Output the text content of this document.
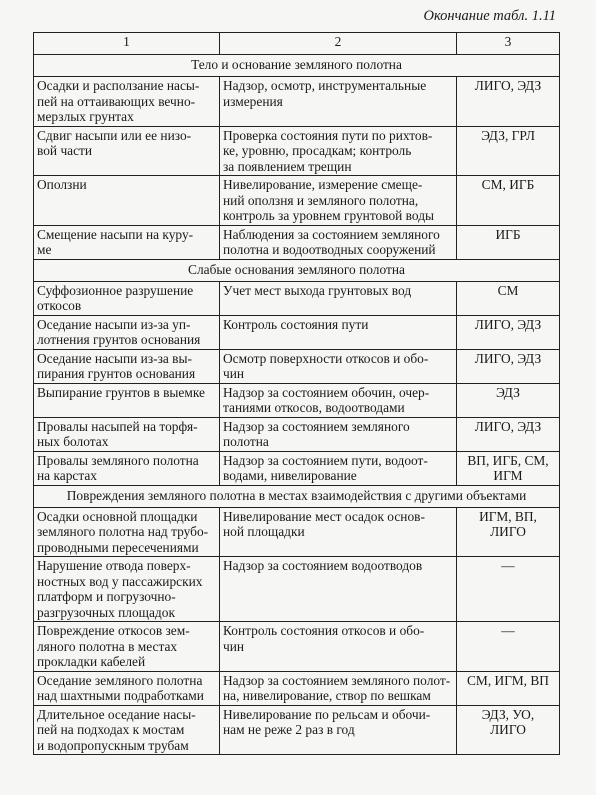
Окончание табл. 1.11
1	2	3
Тело и основание земляного полотна		
Осадки и расползание насы-
пей на оттаивающих вечно-
мерзлых грунтах	Надзор, осмотр, инструментальные
измерения	ЛИГО, ЭДЗ
Сдвиг насыпи или ее низо-
вой части	Проверка состояния пути по рихтов-
ке, уровню, просадкам; контроль
за появлением трещин	ЭДЗ, ГРЛ
Оползни	Нивелирование, измерение смеще-
ний оползня и земляного полотна,
контроль за уровнем грунтовой воды	СМ, ИГБ
Смещение насыпи на куру-
ме	Наблюдения за состоянием земляного
полотна и водоотводных сооружений	ИГБ
Слабые основания земляного полотна		
Суффозионное разрушение
откосов	Учет мест выхода грунтовых вод	СМ
Оседание насыпи из-за уп-
лотнения грунтов основания	Контроль состояния пути	ЛИГО, ЭДЗ
Оседание насыпи из-за вы-
пирания грунтов основания	Осмотр поверхности откосов и обо-
чин	ЛИГО, ЭДЗ
Выпирание грунтов в выемке	Надзор за состоянием обочин, очер-
таниями откосов, водоотводами	ЭДЗ
Провалы насыпей на торфя-
ных болотах	Надзор за состоянием земляного
полотна	ЛИГО, ЭДЗ
Провалы земляного полотна
на карстах	Надзор за состоянием пути, водоот-
водами, нивелирование	ВП, ИГБ, СМ,
ИГМ
Повреждения земляного полотна в местах взаимодействия с другими объектами		
Осадки основной площадки
земляного полотна над трубо-
проводными пересечениями	Нивелирование мест осадок основ-
ной площадки	ИГМ, ВП,
ЛИГО
Нарушение отвода поверх-
ностных вод у пассажирских
платформ и погрузочно-
разгрузочных площадок	Надзор за состоянием водоотводов	—
Повреждение откосов зем-
ляного полотна в местах
прокладки кабелей	Контроль состояния откосов и обо-
чин	—
Оседание земляного полотна
над шахтными подработками	Надзор за состоянием земляного полот-
на, нивелирование, створ по вешкам	СМ, ИГМ, ВП
Длительное оседание насы-
пей на подходах к мостам
и водопропускным трубам	Нивелирование по рельсам и обочи-
нам не реже 2 раз в год	ЭДЗ, УО,
ЛИГО
